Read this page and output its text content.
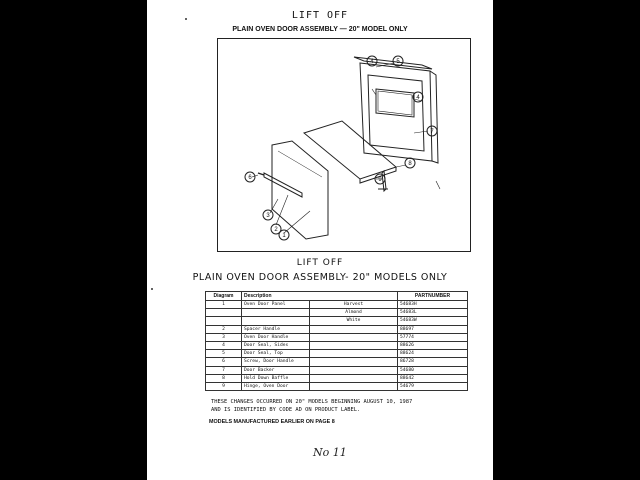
LIFT OFF
PLAIN OVEN DOOR ASSEMBLY — 20" MODEL ONLY
4	5
4
7
8
9
6
3
2
1
LIFT OFF
PLAIN OVEN DOOR ASSEMBLY- 20" MODELS ONLY
Diagram	Description		PARTNUMBER
1	Oven Door Panel	Harvest	54683H
		Almond	54683L
		White	54683W
2	Spacer Handle		88697
3	Oven Door Handle		57774
4	Door Seal, Sides		88626
5	Door Seal, Top		88624
6	Screw, Door Handle		86728
7	Door Backer		54680
8	Hold Down Baffle		88642
9	Hinge, Oven Door		54679
THESE CHANGES OCCURRED ON 20" MODELS BEGINNING AUGUST 10, 1987
AND IS IDENTIFIED BY CODE AD ON PRODUCT LABEL.
MODELS MANUFACTURED EARLIER ON PAGE 8
No 11
